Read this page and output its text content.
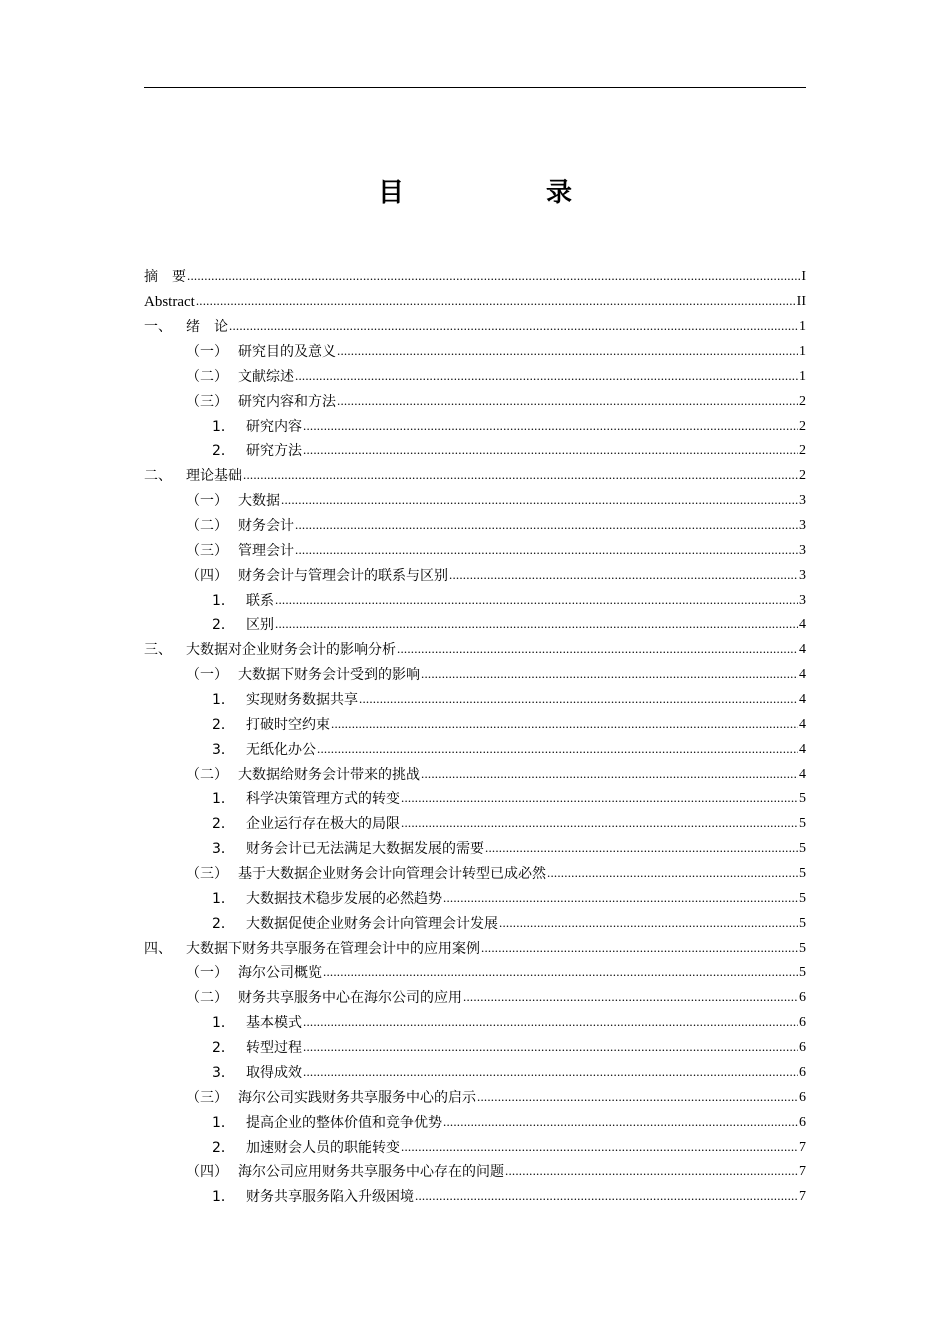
目　录
摘　要 .....	I
Abstract .....	II
一、	绪　论 .....	1
（一） 研究目的及意义 .....	1
（二） 文献综述 .....	1
（三） 研究内容和方法 .....	2
1． 研究内容 .....	2
2． 研究方法 .....	2
二、	理论基础 .....	2
（一） 大数据 .....	3
（二） 财务会计 .....	3
（三） 管理会计 .....	3
（四） 财务会计与管理会计的联系与区别 .....	3
1． 联系 .....	3
2． 区别 .....	4
三、	大数据对企业财务会计的影响分析 .....	4
（一） 大数据下财务会计受到的影响 .....	4
1． 实现财务数据共享 .....	4
2． 打破时空约束 .....	4
3． 无纸化办公 .....	4
（二） 大数据给财务会计带来的挑战 .....	4
1． 科学决策管理方式的转变 .....	5
2． 企业运行存在极大的局限 .....	5
3． 财务会计已无法满足大数据发展的需要 .....	5
（三） 基于大数据企业财务会计向管理会计转型已成必然 .....	5
1． 大数据技术稳步发展的必然趋势 .....	5
2． 大数据促使企业财务会计向管理会计发展 .....	5
四、	大数据下财务共享服务在管理会计中的应用案例 .....	5
（一） 海尔公司概览 .....	5
（二） 财务共享服务中心在海尔公司的应用 .....	6
1． 基本模式 .....	6
2． 转型过程 .....	6
3． 取得成效 .....	6
（三） 海尔公司实践财务共享服务中心的启示 .....	6
1． 提高企业的整体价值和竞争优势 .....	6
2． 加速财会人员的职能转变 .....	7
（四） 海尔公司应用财务共享服务中心存在的问题 .....	7
1． 财务共享服务陷入升级困境 .....	7
